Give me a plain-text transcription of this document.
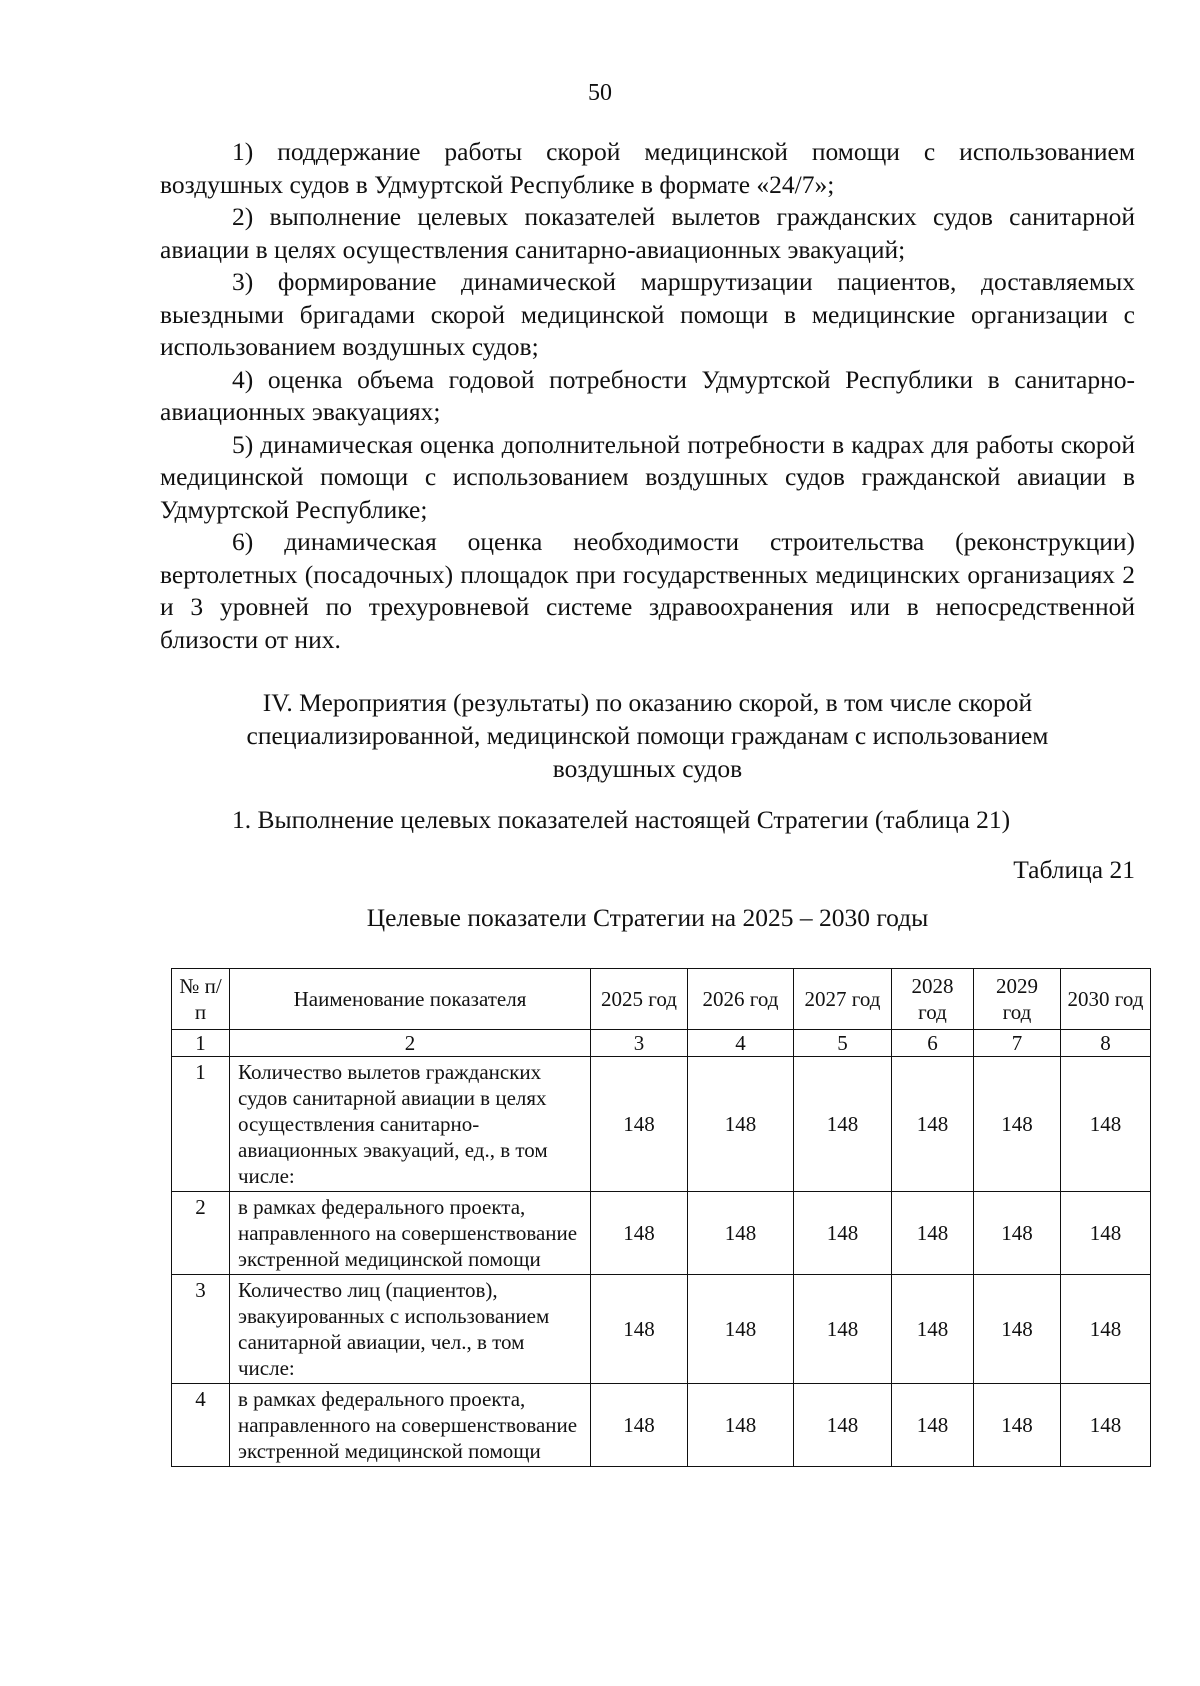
50

1) поддержание работы скорой медицинской помощи с использованием воздушных судов в Удмуртской Республике в формате «24/7»;

2) выполнение целевых показателей вылетов гражданских судов санитарной авиации в целях осуществления санитарно-авиационных эвакуаций;

3) формирование динамической маршрутизации пациентов, доставляемых выездными бригадами скорой медицинской помощи в медицинские организации с использованием воздушных судов;

4) оценка объема годовой потребности Удмуртской Республики в санитарно-авиационных эвакуациях;

5) динамическая оценка дополнительной потребности в кадрах для работы скорой медицинской помощи с использованием воздушных судов гражданской авиации в Удмуртской Республике;

6) динамическая оценка необходимости строительства (реконструкции) вертолетных (посадочных) площадок при государственных медицинских организациях 2 и 3 уровней по трехуровневой системе здравоохранения или в непосредственной близости от них.

IV. Мероприятия (результаты) по оказанию скорой, в том числе скорой
специализированной, медицинской помощи гражданам с использованием
воздушных судов
1. Выполнение целевых показателей настоящей Стратегии (таблица 21)
Таблица 21
Целевые показатели Стратегии на 2025 – 2030 годы
№ п/п	Наименование показателя	2025 год	2026 год	2027 год	2028 год	2029 год	2030 год
1	2	3	4	5	6	7	8
1	Количество вылетов гражданских судов санитарной авиации в целях осуществления санитарно-авиационных эвакуаций, ед., в том числе:	148	148	148	148	148	148
2	в рамках федерального проекта, направленного на совершенствование экстренной медицинской помощи	148	148	148	148	148	148
3	Количество лиц (пациентов), эвакуированных с использованием санитарной авиации, чел., в том числе:	148	148	148	148	148	148
4	в рамках федерального проекта, направленного на совершенствование экстренной медицинской помощи	148	148	148	148	148	148
